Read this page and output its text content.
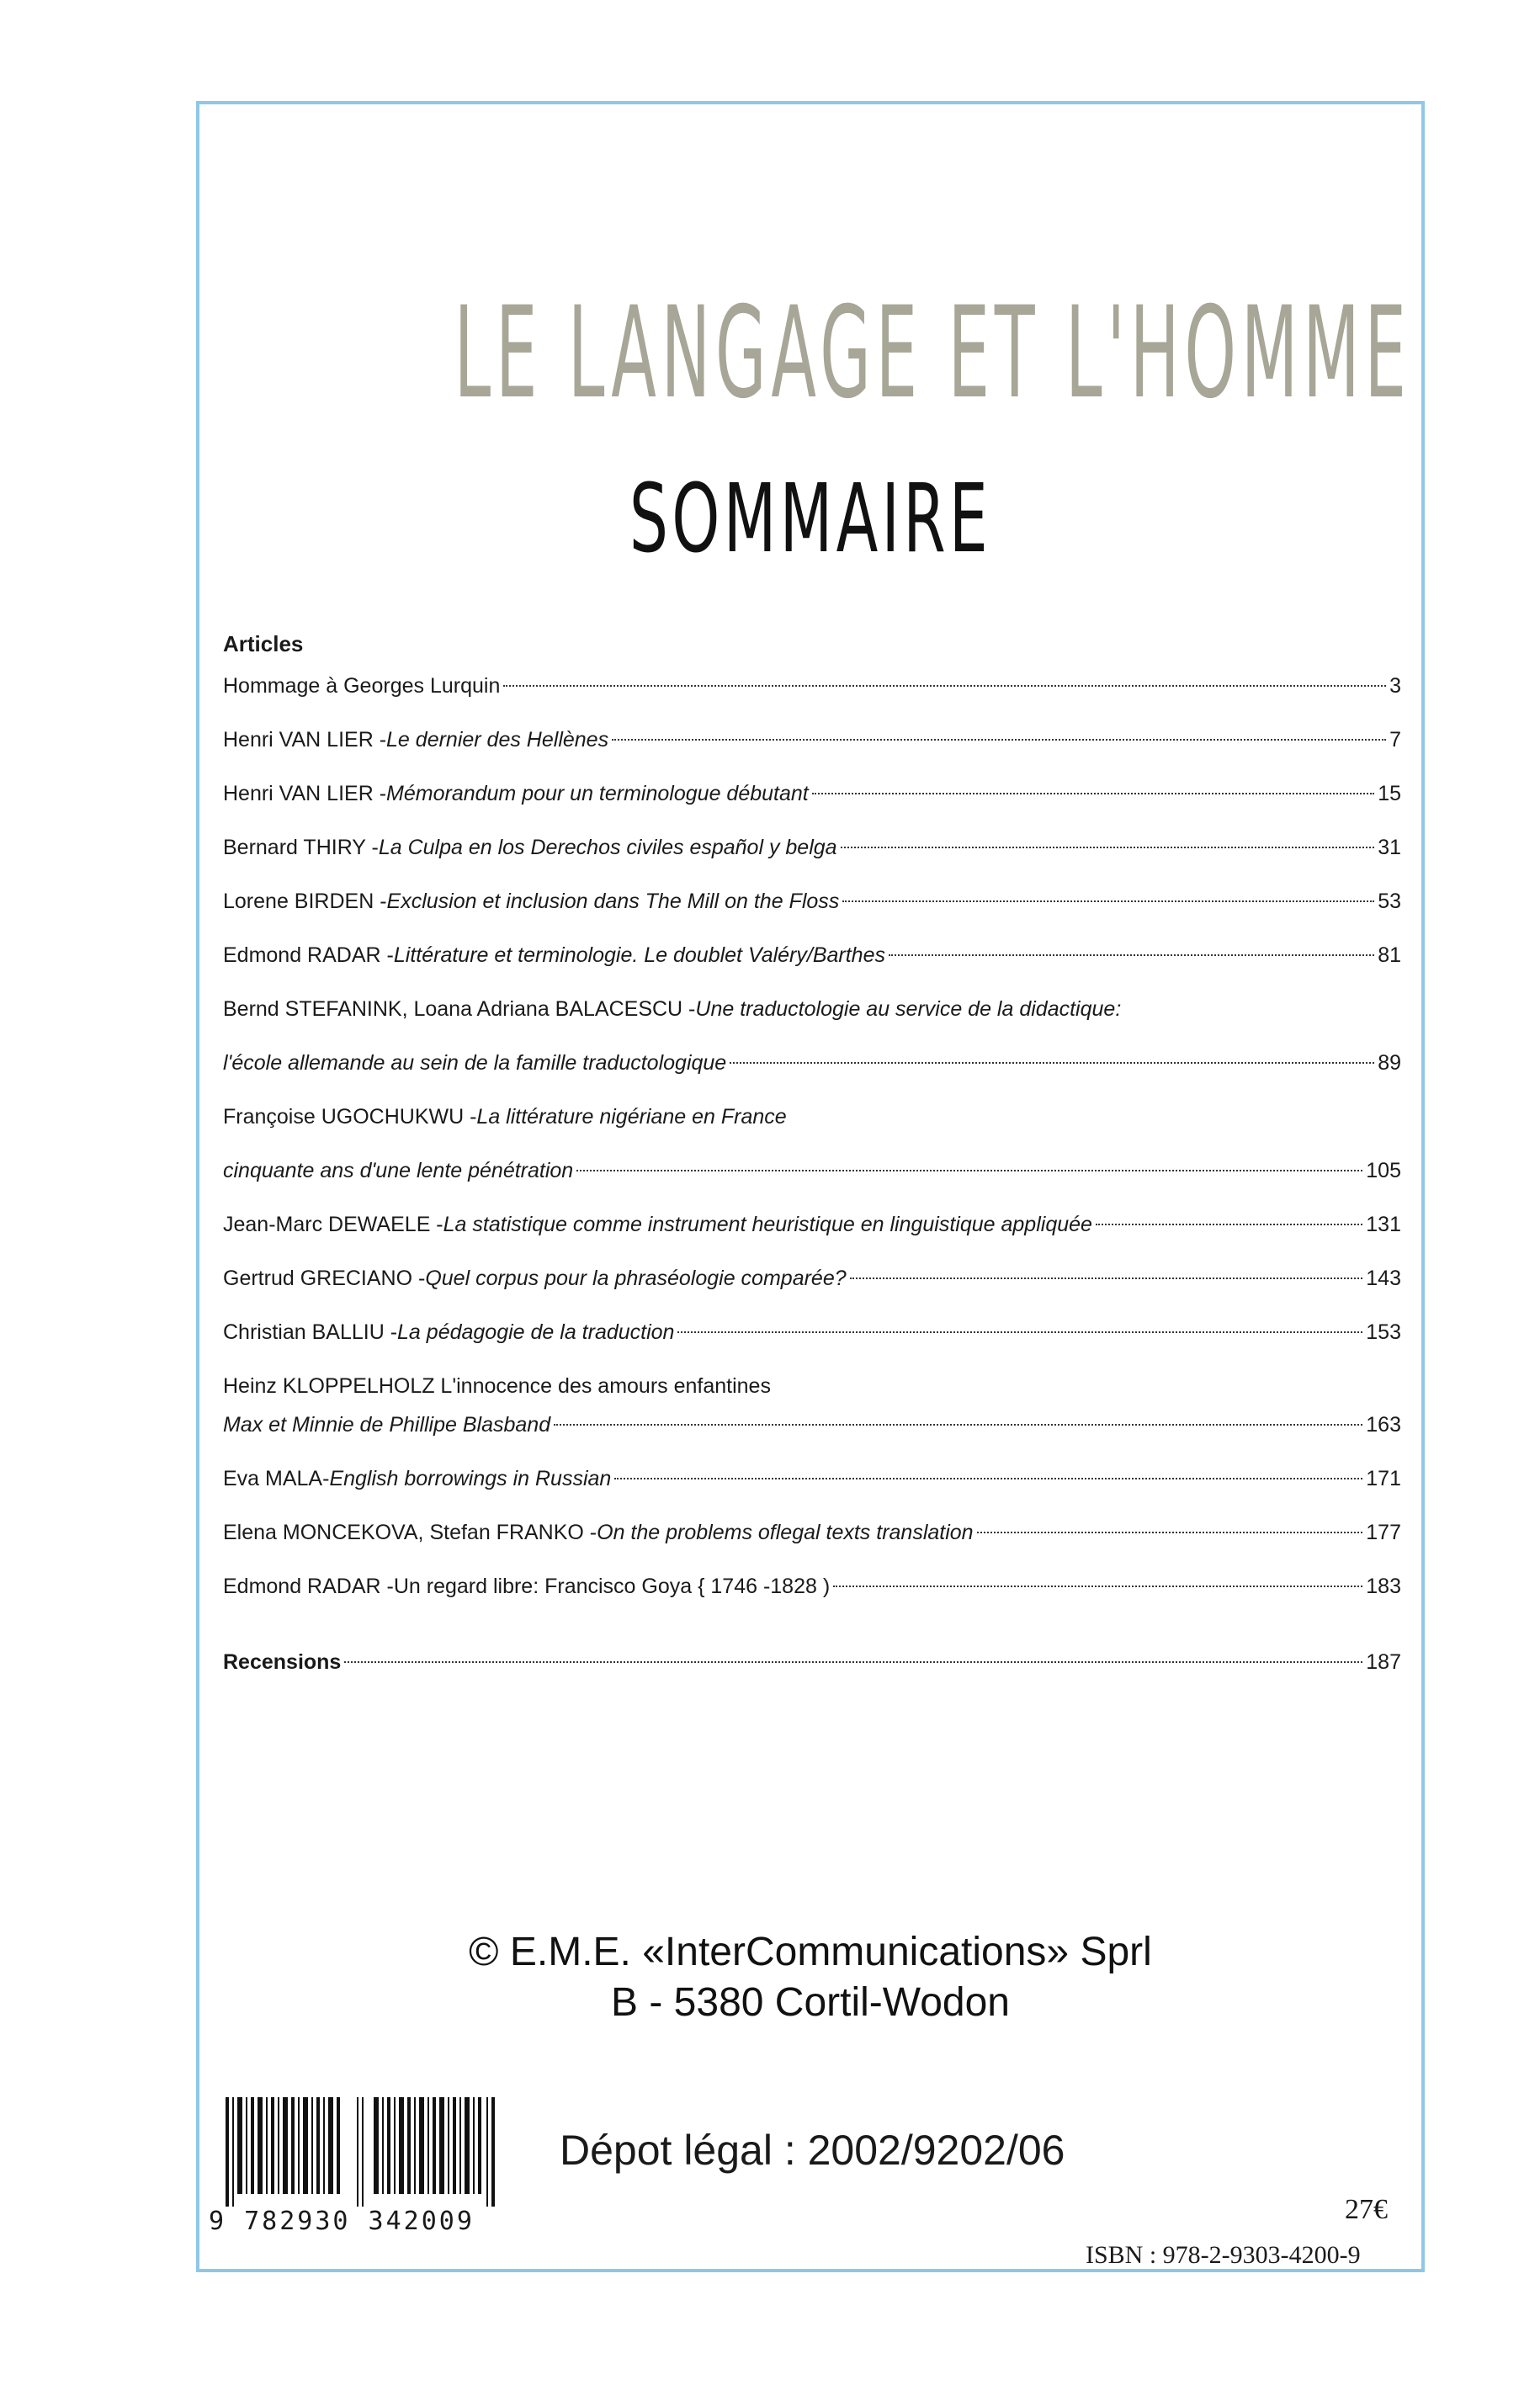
LE LANGAGE ET L'HOMME
SOMMAIRE
Articles
Hommage à Georges Lurquin	3
Henri VAN LIER - Le dernier des Hellènes	7
Henri VAN LIER - Mémorandum pour un terminologue débutant	15
Bernard THIRY - La Culpa en los Derechos civiles español y belga	31
Lorene BIRDEN - Exclusion et inclusion dans The Mill on the Floss	53
Edmond RADAR - Littérature et terminologie. Le doublet Valéry/Barthes	81
Bernd STEFANINK, Loana Adriana BALACESCU - Une traductologie au service de la didactique:
l'école allemande au sein de la famille traductologique	89
Françoise UGOCHUKWU - La littérature nigériane en France
cinquante ans d'une lente pénétration	105
Jean-Marc DEWAELE - La statistique comme instrument heuristique en linguistique appliquée	131
Gertrud GRECIANO - Quel corpus pour la phraséologie comparée?	143
Christian BALLIU - La pédagogie de la traduction	153
Heinz KLOPPELHOLZ L'innocence des amours enfantines
Max et Minnie de Phillipe Blasband	163
Eva MALA- English borrowings in Russian	171
Elena MONCEKOVA, Stefan FRANKO - On the problems oflegal texts translation	177
Edmond RADAR -Un regard libre: Francisco Goya { 1746 -1828 )	183
Recensions	187
© E.M.E. «InterCommunications» Sprl
B - 5380 Cortil-Wodon
9 782930 342009
Dépot légal : 2002/9202/06
27€
ISBN : 978-2-9303-4200-9
